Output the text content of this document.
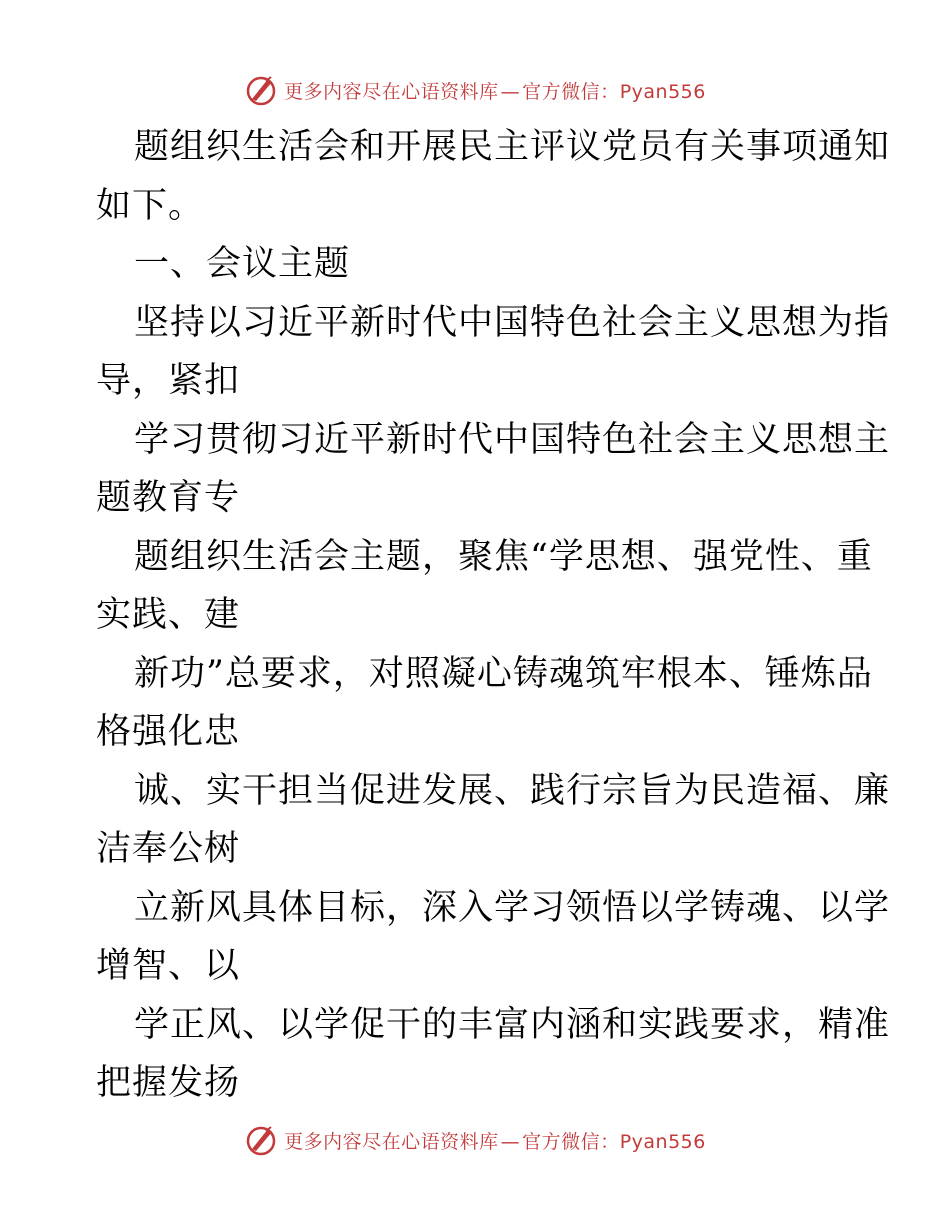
更多内容尽在心语资料库 — 官方微信：Pyan556
题组织生活会和开展民主评议党员有关事项通知
如下。
一、会议主题
坚持以习近平新时代中国特色社会主义思想为指
导，紧扣
学习贯彻习近平新时代中国特色社会主义思想主
题教育专
题组织生活会主题，聚焦“学思想、强党性、重
实践、建
新功”总要求，对照凝心铸魂筑牢根本、锤炼品
格强化忠
诚、实干担当促进发展、践行宗旨为民造福、廉
洁奉公树
立新风具体目标，深入学习领悟以学铸魂、以学
增智、以
学正风、以学促干的丰富内涵和实践要求，精准
把握发扬
更多内容尽在心语资料库 — 官方微信：Pyan556
